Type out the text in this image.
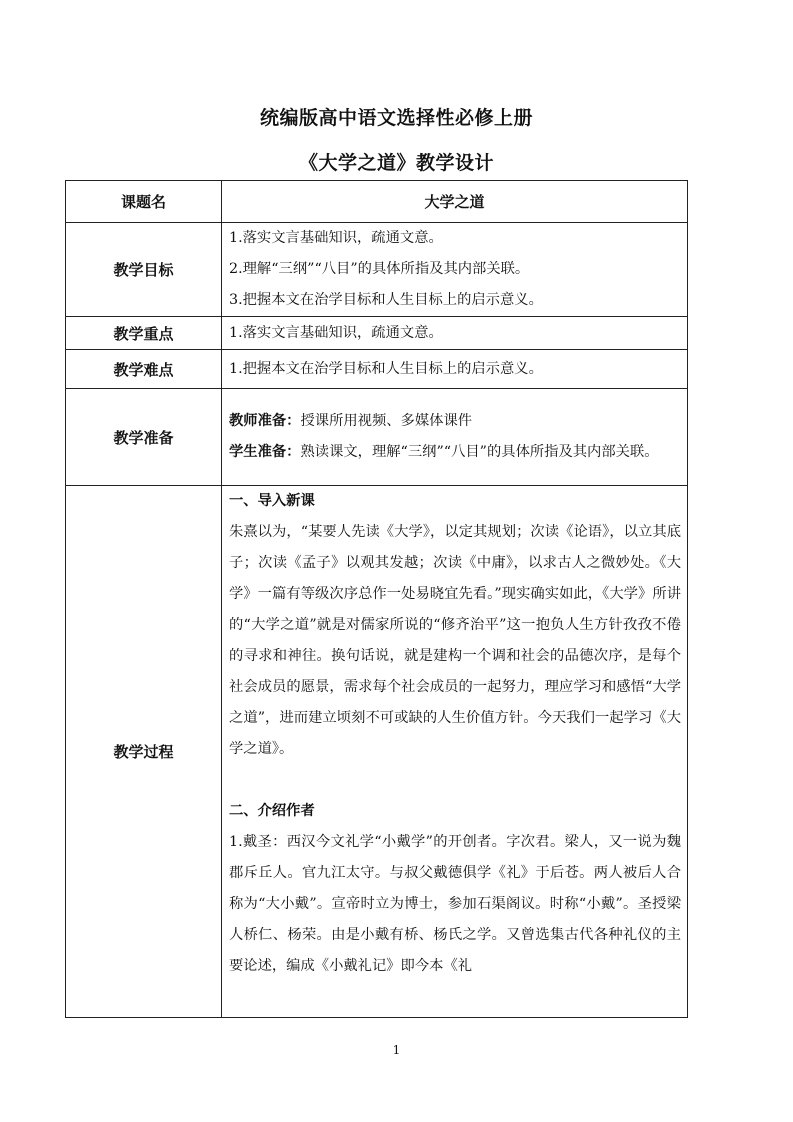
统编版高中语文选择性必修上册
《大学之道》教学设计
课题名	大学之道
教学目标	1.落实文言基础知识，疏通文意。
2.理解“三纲”“八目”的具体所指及其内部关联。
3.把握本文在治学目标和人生目标上的启示意义。

教学重点	1.落实文言基础知识，疏通文意。

教学难点	1.把握本文在治学目标和人生目标上的启示意义。

教学准备	教师准备：授课所用视频、多媒体课件
学生准备：熟读课文，理解“三纲”“八目”的具体所指及其内部关联。

教学过程	一、导入新课
朱熹以为，“某要人先读《大学》，以定其规划；次读《论语》，以立其底子；次读《孟子》以观其发越；次读《中庸》，以求古人之微妙处。《大学》一篇有等级次序总作一处易晓宜先看。”现实确实如此，《大学》所讲的“大学之道”就是对儒家所说的“修齐治平”这一抱负人生方针孜孜不倦的寻求和神往。换句话说，就是建构一个调和社会的品德次序，是每个社会成员的愿景，需求每个社会成员的一起努力，理应学习和感悟“大学之道”，进而建立顷刻不可或缺的人生价值方针。今天我们一起学习《大学之道》。
二、介绍作者
1.戴圣：西汉今文礼学“小戴学”的开创者。字次君。梁人，又一说为魏郡斥丘人。官九江太守。与叔父戴德俱学《礼》于后苍。两人被后人合称为“大小戴”。宣帝时立为博士，参加石渠阁议。时称“小戴”。圣授梁人桥仁、杨荣。由是小戴有桥、杨氏之学。又曾选集古代各种礼仪的主要论述，编成《小戴礼记》即今本《礼
1
